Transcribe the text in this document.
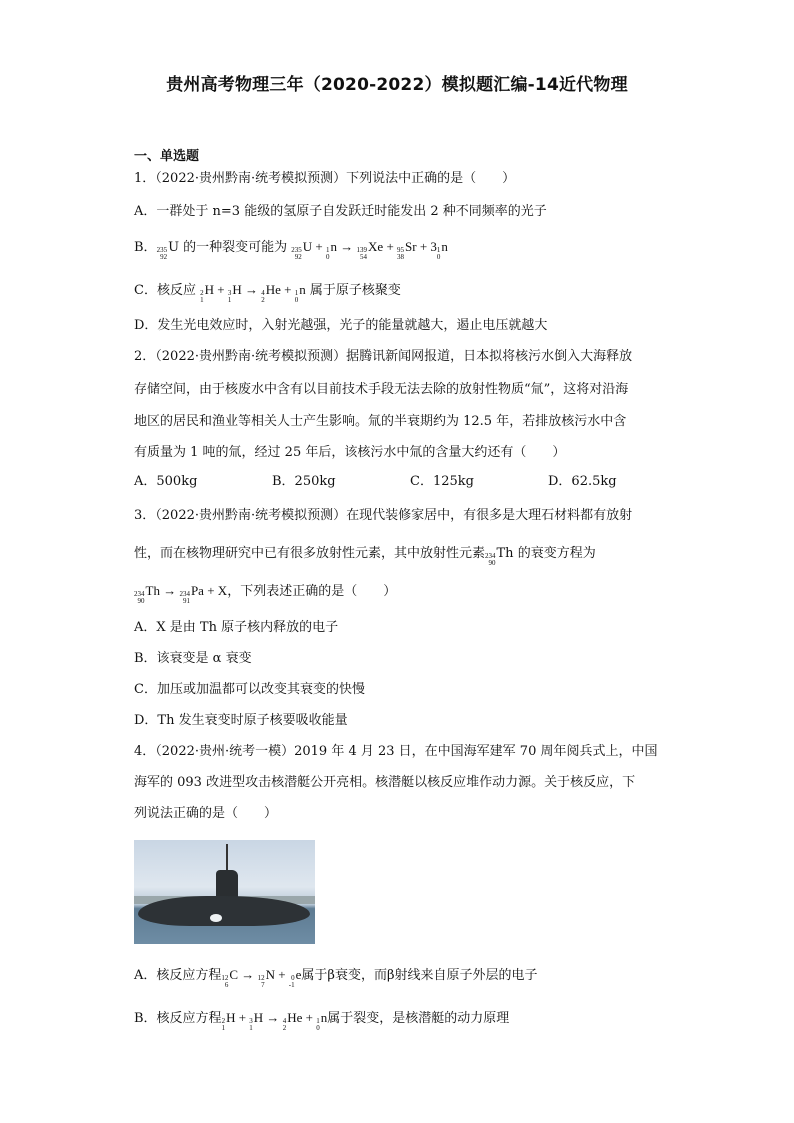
贵州高考物理三年（2020-2022）模拟题汇编-14近代物理
一、单选题
1．（2022·贵州黔南·统考模拟预测）下列说法中正确的是（　　）
A．一群处于 n=3 能级的氢原子自发跃迁时能发出 2 种不同频率的光子
B． 235
92
U 的一种裂变可能为 235
92
U + 1
0
n → 139
54
Xe + 95
38
Sr + 3 1
0
n
C．核反应 2
1
H + 3
1
H → 4
2
He + 1
0
n 属于原子核聚变
D．发生光电效应时，入射光越强，光子的能量就越大，遏止电压就越大
2．（2022·贵州黔南·统考模拟预测）据腾讯新闻网报道，日本拟将核污水倒入大海释放
存储空间，由于核废水中含有以目前技术手段无法去除的放射性物质“氚”，这将对沿海
地区的居民和渔业等相关人士产生影响。氚的半衰期约为 12.5 年，若排放核污水中含
有质量为 1 吨的氚，经过 25 年后，该核污水中氚的含量大约还有（　　）
A．500kg	B．250kg	C．125kg	D．62.5kg
3．（2022·贵州黔南·统考模拟预测）在现代装修家居中，有很多是大理石材料都有放射
性，而在核物理研究中已有很多放射性元素，其中放射性元素 234
90
Th 的衰变方程为
234
90
Th → 234
91
Pa + X，下列表述正确的是（　　）
A．X 是由 Th 原子核内释放的电子
B．该衰变是 α 衰变
C．加压或加温都可以改变其衰变的快慢
D．Th 发生衰变时原子核要吸收能量
4．（2022·贵州·统考一模）2019 年 4 月 23 日，在中国海军建军 70 周年阅兵式上，中国
海军的 093 改进型攻击核潜艇公开亮相。核潜艇以核反应堆作动力源。关于核反应，下
列说法正确的是（　　）
A．核反应方程 12
6
C → 12
7
N + 0
-1
e属于β衰变，而β射线来自原子外层的电子
B．核反应方程 2
1
H + 3
1
H → 4
2
He + 1
0
n属于裂变，是核潜艇的动力原理
